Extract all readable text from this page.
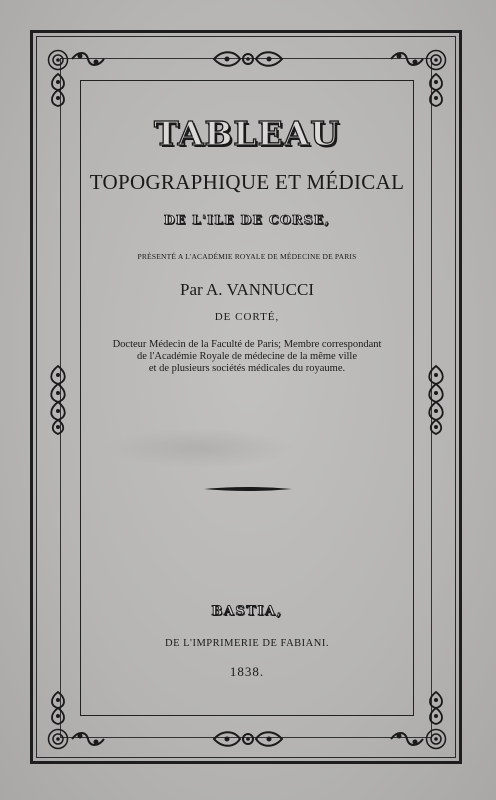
TABLEAU
TOPOGRAPHIQUE ET MÉDICAL
DE L'ILE DE CORSE,
PRÉSENTÉ A L'ACADÉMIE ROYALE DE MÉDECINE DE PARIS
Par A. VANNUCCI
DE CORTÉ,
Docteur Médecin de la Faculté de Paris; Membre correspondant
de l'Académie Royale de médecine de la même ville
et de plusieurs sociétés médicales du royaume.
BASTIA,
DE L'IMPRIMERIE DE FABIANI.
1838.
